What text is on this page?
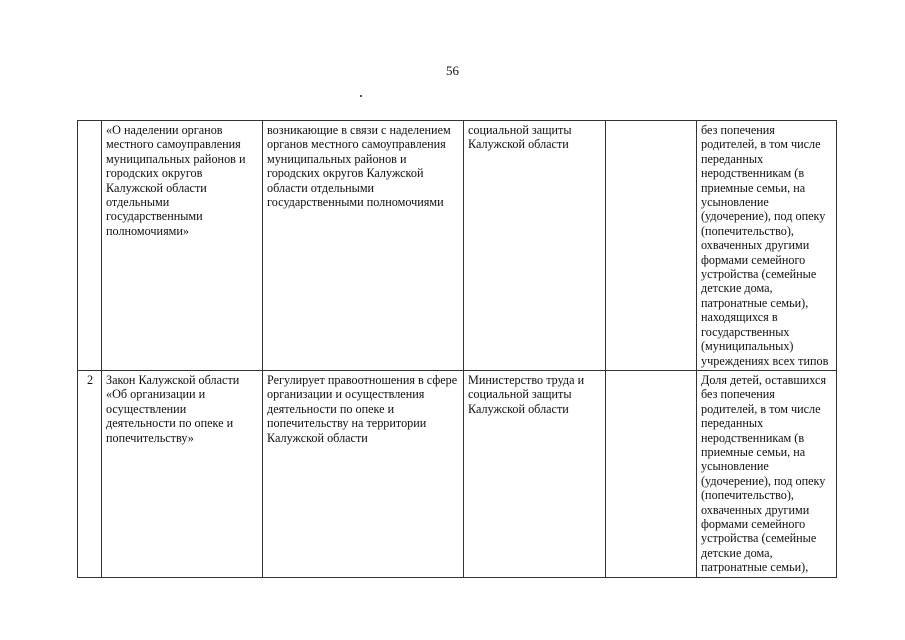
56
	«О наделении органов местного самоуправления муниципальных районов и городских округов Калужской области отдельными государственными полномочиями»	возникающие в связи с наделением органов местного самоуправления муниципальных районов и городских округов Калужской области отдельными государственными полномочиями	социальной защиты Калужской области		без попечения родителей, в том числе переданных неродственникам (в приемные семьи, на усыновление (удочерение), под опеку (попечительство), охваченных другими формами семейного устройства (семейные детские дома, патронатные семьи), находящихся в государственных (муниципальных) учреждениях всех типов
2	Закон Калужской области «Об организации и осуществлении деятельности по опеке и попечительству»	Регулирует правоотношения в сфере организации и осуществления деятельности по опеке и попечительству на территории Калужской области	Министерство труда и социальной защиты Калужской области		Доля детей, оставшихся без попечения родителей, в том числе переданных неродственникам (в приемные семьи, на усыновление (удочерение), под опеку (попечительство), охваченных другими формами семейного устройства (семейные детские дома, патронатные семьи),
